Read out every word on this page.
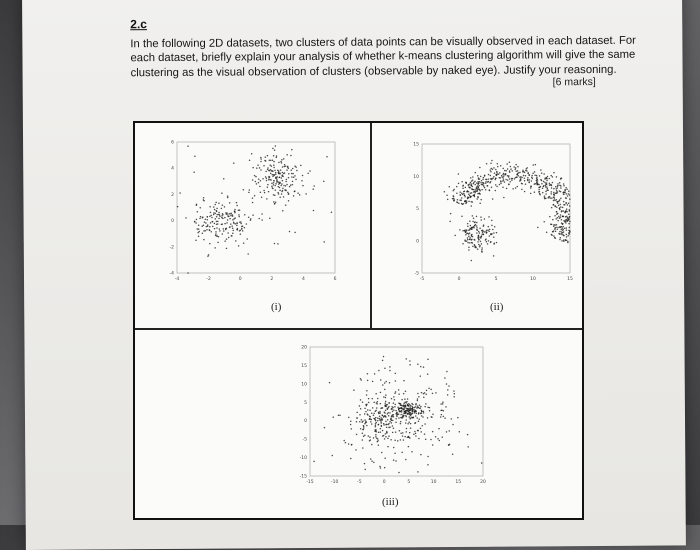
2.c
In the following 2D datasets, two clusters of data points can be visually observed in each dataset. For each dataset, briefly explain your analysis of whether k-means clustering algorithm will give the same clustering as the visual observation of clusters (observable by naked eye). Justify your reasoning.
[6 marks]
6
4
2
0
-2
-4
-4	-2	0	2	4	6
(i)
15
10
5
0
-5
-5	0	5	10	15
(ii)
20
15
10
5
0
-5
-10
-15
-15	-10	-5	0	5	10	15	20
(iii)
